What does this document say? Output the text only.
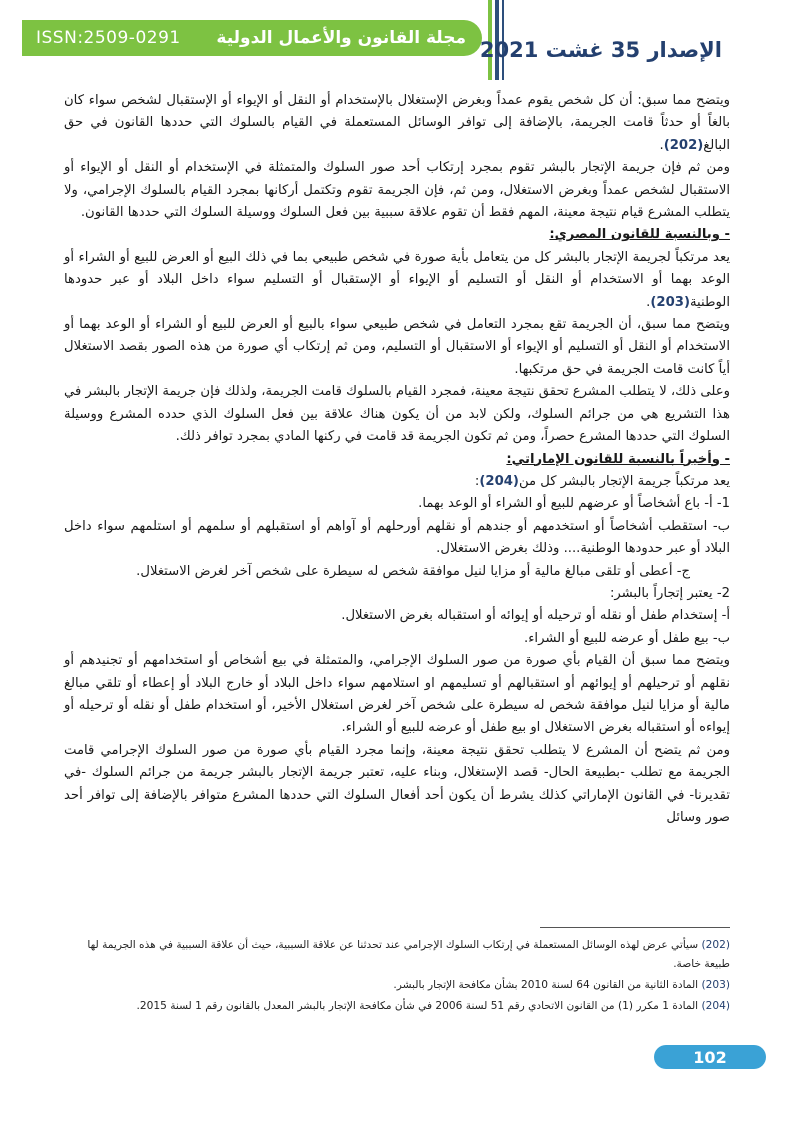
ISSN:2509-0291 مجلة القانون والأعمال الدولية الإصدار 35 غشت 2021

ويتضح مما سبق: أن كل شخص يقوم عمداً وبغرض الإستغلال بالإستخدام أو النقل أو الإيواء أو الإستقبال لشخص سواء كان بالغاً أو حدثاً قامت الجريمة، بالإضافة إلى توافر الوسائل المستعملة في القيام بالسلوك التي حددها القانون في حق البالغ(202).

ومن ثم فإن جريمة الإتجار بالبشر تقوم بمجرد إرتكاب أحد صور السلوك والمتمثلة في الإستخدام أو النقل أو الإيواء أو الاستقبال لشخص عمداً وبغرض الاستغلال، ومن ثم، فإن الجريمة تقوم وتكتمل أركانها بمجرد القيام بالسلوك الإجرامي، ولا يتطلب المشرع قيام نتيجة معينة، المهم فقط أن تقوم علاقة سببية بين فعل السلوك ووسيلة السلوك التي حددها القانون.

- وبالنسبة للقانون المصري:

يعد مرتكباً لجريمة الإتجار بالبشر كل من يتعامل بأية صورة في شخص طبيعي بما في ذلك البيع أو العرض للبيع أو الشراء أو الوعد بهما أو الاستخدام أو النقل أو التسليم أو الإيواء أو الإستقبال أو التسليم سواء داخل البلاد أو عبر حدودها الوطنية(203).

ويتضح مما سبق، أن الجريمة تقع بمجرد التعامل في شخص طبيعي سواء بالبيع أو العرض للبيع أو الشراء أو الوعد بهما أو الاستخدام أو النقل أو التسليم أو الإيواء أو الاستقبال أو التسليم، ومن ثم إرتكاب أي صورة من هذه الصور بقصد الاستغلال أياً كانت قامت الجريمة في حق مرتكبها.

وعلى ذلك، لا يتطلب المشرع تحقق نتيجة معينة، فمجرد القيام بالسلوك قامت الجريمة، ولذلك فإن جريمة الإتجار بالبشر في هذا التشريع هي من جرائم السلوك، ولكن لابد من أن يكون هناك علاقة بين فعل السلوك الذي حدده المشرع ووسيلة السلوك التي حددها المشرع حصراً، ومن ثم تكون الجريمة قد قامت في ركنها المادي بمجرد توافر ذلك.

- وأخيراً بالنسبة للقانون الإماراتي:

يعد مرتكباً جريمة الإتجار بالبشر كل من(204):

1- أ- باع أشخاصاً أو عرضهم للبيع أو الشراء أو الوعد بهما.

ب- استقطب أشخاصاً أو استخدمهم أو جندهم أو نقلهم أورحلهم أو آواهم أو استقبلهم أو سلمهم أو استلمهم سواء داخل البلاد أو عبر حدودها الوطنية.... وذلك بغرض الاستغلال.

ج- أعطى أو تلقى مبالغ مالية أو مزايا لنيل موافقة شخص له سيطرة على شخص آخر لغرض الاستغلال.

2- يعتبر إتجاراً بالبشر:

أ- إستخدام طفل أو نقله أو ترحيله أو إيوائه أو استقباله بغرض الاستغلال.

ب- بيع طفل أو عرضه للبيع أو الشراء.

ويتضح مما سبق أن القيام بأي صورة من صور السلوك الإجرامي، والمتمثلة في بيع أشخاص أو استخدامهم أو تجنيدهم أو نقلهم أو ترحيلهم أو إيوائهم أو استقبالهم أو تسليمهم او استلامهم سواء داخل البلاد أو خارج البلاد أو إعطاء أو تلقي مبالغ مالية أو مزايا لنيل موافقة شخص له سيطرة على شخص آخر لغرض استغلال الأخير، أو استخدام طفل أو نقله أو ترحيله أو إيواءه أو استقباله بغرض الاستغلال او بيع طفل أو عرضه للبيع أو الشراء.

ومن ثم يتضح أن المشرع لا يتطلب تحقق نتيجة معينة، وإنما مجرد القيام بأي صورة من صور السلوك الإجرامي قامت الجريمة مع تطلب -بطبيعة الحال- قصد الإستغلال، وبناء عليه، تعتبر جريمة الإتجار بالبشر جريمة من جرائم السلوك -في تقديرنا- في القانون الإماراتي كذلك يشرط أن يكون أحد أفعال السلوك التي حددها المشرع متوافر بالإضافة إلى توافر أحد صور وسائل

(202) سيأتي عرض لهذه الوسائل المستعملة في إرتكاب السلوك الإجرامي عند تحدثنا عن علاقة السببية، حيث أن علاقة السببية في هذه الجريمة لها طبيعة خاصة.

(203) المادة الثانية من القانون 64 لسنة 2010 بشأن مكافحة الإتجار بالبشر.

(204) المادة 1 مكرر (1) من القانون الاتحادي رقم 51 لسنة 2006 في شأن مكافحة الإتجار بالبشر المعدل بالقانون رقم 1 لسنة 2015.

102
